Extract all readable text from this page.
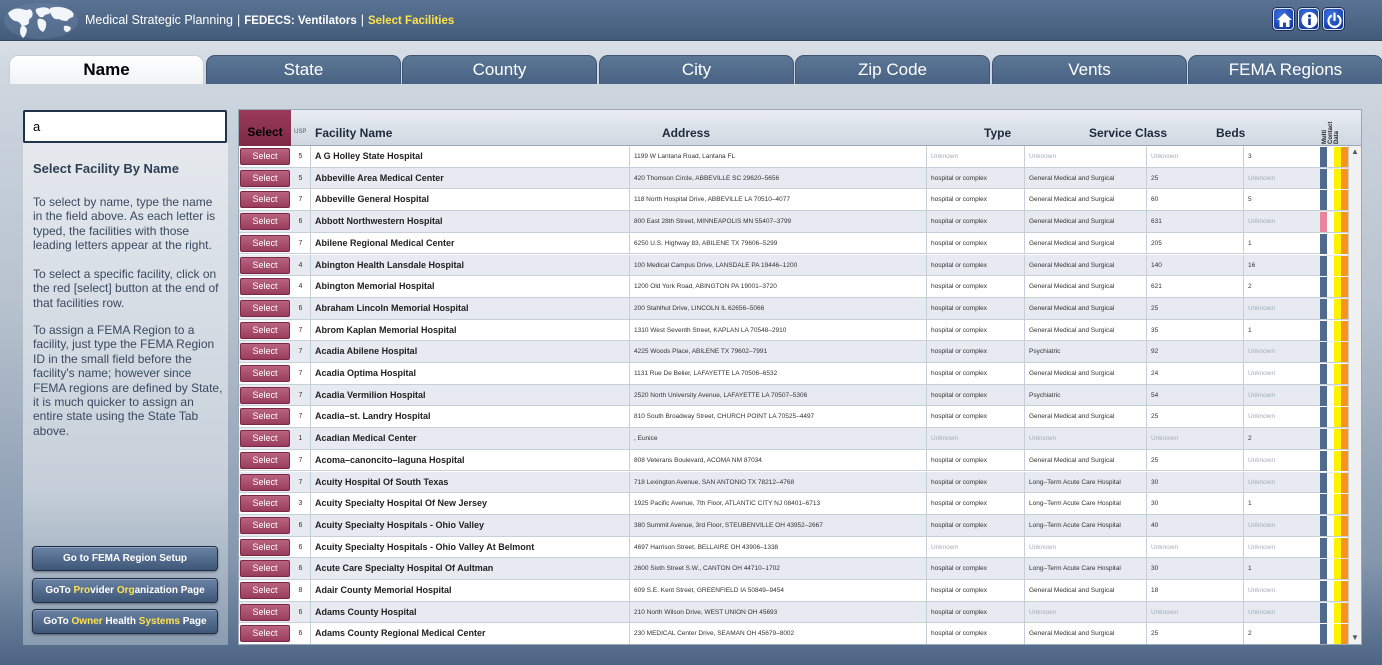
Medical Strategic Planning | FEDECS: Ventilators | Select Facilities
Name	State	County	City	Zip Code	Vents	FEMA Regions
a
Select Facility By Name
To select by name, type the name in the field above. As each letter is typed, the facilities with those leading letters appear at the right.
To select a specific facility, click on the red [select] button at the end of that facilities row.
To assign a FEMA Region to a facility, just type the FEMA Region ID in the small field before the facility's name; however since FEMA regions are defined by State, it is much quicker to assign an entire state using the State Tab above.
Go to FEMA Region Setup
GoTo Provider Organization Page
GoTo Owner Health Systems Page
Select	USP Facility Name	Address	Type	Service Class	Beds	Multi Contact Data
Select	5	A G Holley State Hospital	1199 W Lantana Road, Lantana FL	Unknown	Unknown	Unknown	3
Select	5	Abbeville Area Medical Center	420 Thomson Circle, ABBEVILLE SC 29620–5656	hospital or complex	General Medical and Surgical	25	Unknown
Select	7	Abbeville General Hospital	118 North Hospital Drive, ABBEVILLE LA 70510–4077	hospital or complex	General Medical and Surgical	60	5
Select	6	Abbott Northwestern Hospital	800 East 28th Street, MINNEAPOLIS MN 55407–3799	hospital or complex	General Medical and Surgical	631	Unknown
Select	7	Abilene Regional Medical Center	6250 U.S. Highway 83, ABILENE TX 79606–5299	hospital or complex	General Medical and Surgical	205	1
Select	4	Abington Health Lansdale Hospital	100 Medical Campus Drive, LANSDALE PA 19446–1200	hospital or complex	General Medical and Surgical	140	16
Select	4	Abington Memorial Hospital	1200 Old York Road, ABINGTON PA 19001–3720	hospital or complex	General Medical and Surgical	621	2
Select	6	Abraham Lincoln Memorial Hospital	200 Stahlhut Drive, LINCOLN IL 62656–5066	hospital or complex	General Medical and Surgical	25	Unknown
Select	7	Abrom Kaplan Memorial Hospital	1310 West Seventh Street, KAPLAN LA 70548–2910	hospital or complex	General Medical and Surgical	35	1
Select	7	Acadia Abilene Hospital	4225 Woods Place, ABILENE TX 79602–7991	hospital or complex	Psychiatric	92	Unknown
Select	7	Acadia Optima Hospital	1131 Rue De Belier, LAFAYETTE LA 70506–6532	hospital or complex	General Medical and Surgical	24	Unknown
Select	7	Acadia Vermilion Hospital	2520 North University Avenue, LAFAYETTE LA 70507–5306	hospital or complex	Psychiatric	54	Unknown
Select	7	Acadia–st. Landry Hospital	810 South Broadway Street, CHURCH POINT LA 70525–4497	hospital or complex	General Medical and Surgical	25	Unknown
Select	1	Acadian Medical Center	, Eunice	Unknown	Unknown	Unknown	2
Select	7	Acoma–canoncito–laguna Hospital	808 Veterans Boulevard, ACOMA NM 87034	hospital or complex	General Medical and Surgical	25	Unknown
Select	7	Acuity Hospital Of South Texas	718 Lexington Avenue, SAN ANTONIO TX 78212–4768	hospital or complex	Long–Term Acute Care Hospital	30	Unknown
Select	3	Acuity Specialty Hospital Of New Jersey	1925 Pacific Avenue, 7th Floor, ATLANTIC CITY NJ 08401–6713	hospital or complex	Long–Term Acute Care Hospital	30	1
Select	6	Acuity Specialty Hospitals - Ohio Valley	380 Summit Avenue, 3rd Floor, STEUBENVILLE OH 43952–2667	hospital or complex	Long–Term Acute Care Hospital	40	Unknown
Select	6	Acuity Specialty Hospitals - Ohio Valley At Belmont	4697 Harrison Street, BELLAIRE OH 43906–1338	Unknown	Unknown	Unknown	Unknown
Select	6	Acute Care Specialty Hospital Of Aultman	2600 Sixth Street S.W., CANTON OH 44710–1702	hospital or complex	Long–Term Acute Care Hospital	30	1
Select	8	Adair County Memorial Hospital	609 S.E. Kent Street, GREENFIELD IA 50849–9454	hospital or complex	General Medical and Surgical	18	Unknown
Select	6	Adams County Hospital	210 North Wilson Drive, WEST UNION OH 45693	hospital or complex	Unknown	Unknown	Unknown
Select	6	Adams County Regional Medical Center	230 MEDICAL Center Drive, SEAMAN OH 45679–8002	hospital or complex	General Medical and Surgical	25	2
▲
▼
